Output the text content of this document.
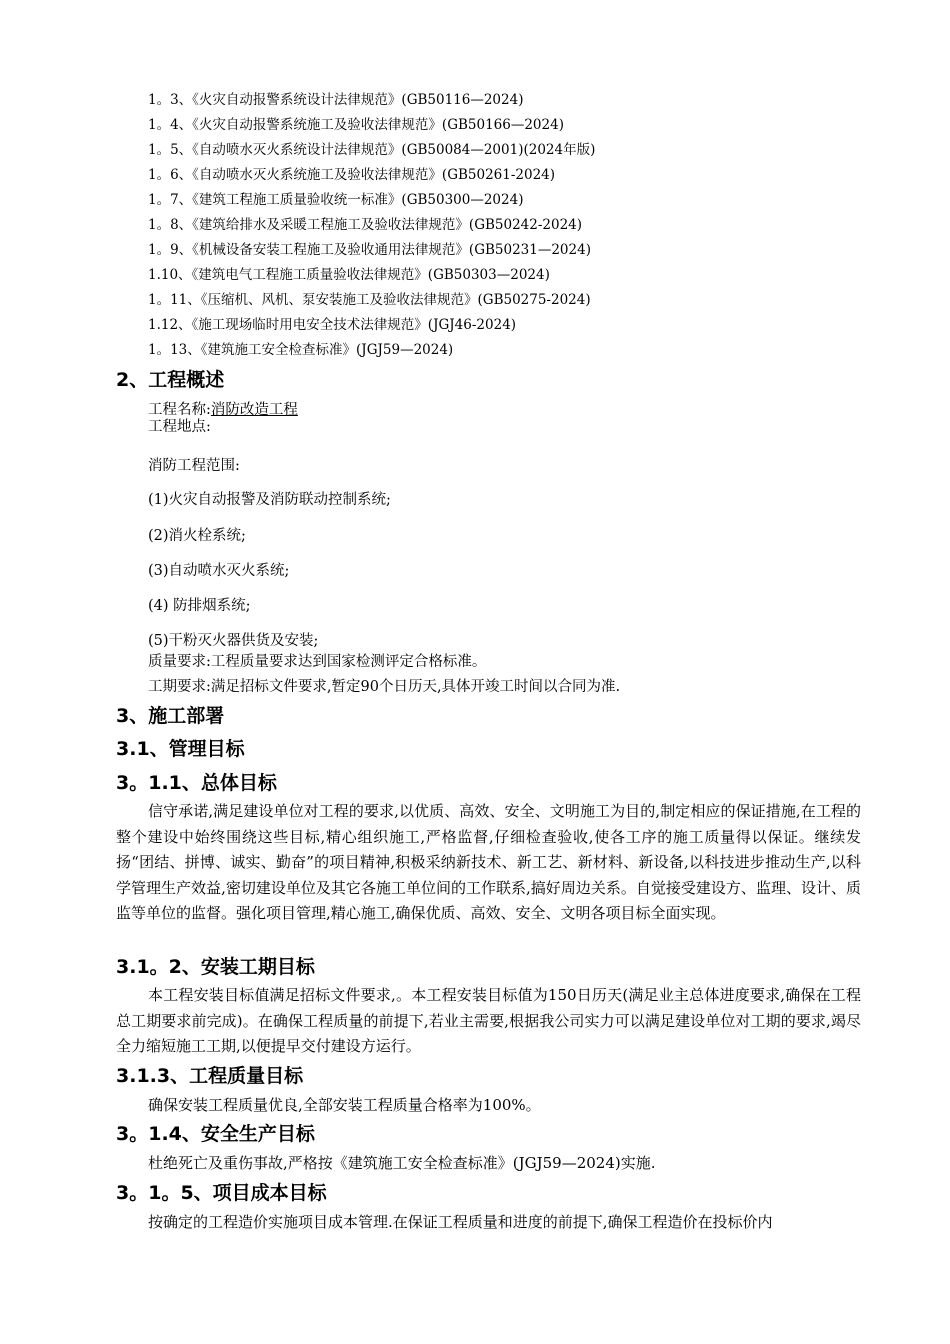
1。3、《火灾自动报警系统设计法律规范》(GB50116—2024)
1。4、《火灾自动报警系统施工及验收法律规范》(GB50166—2024)
1。5、《自动喷水灭火系统设计法律规范》(GB50084—2001)(2024年版)
1。6、《自动喷水灭火系统施工及验收法律规范》(GB50261-2024)
1。7、《建筑工程施工质量验收统一标准》(GB50300—2024)
1。8、《建筑给排水及采暖工程施工及验收法律规范》(GB50242-2024)
1。9、《机械设备安装工程施工及验收通用法律规范》(GB50231—2024)
1.10、《建筑电气工程施工质量验收法律规范》(GB50303—2024)
1。11、《压缩机、风机、泵安装施工及验收法律规范》(GB50275-2024)
1.12、《施工现场临时用电安全技术法律规范》(JGJ46-2024)
1。13、《建筑施工安全检查标准》(JGJ59—2024)
2、工程概述
工程名称:消防改造工程
工程地点:
消防工程范围:
(1)火灾自动报警及消防联动控制系统;
(2)消火栓系统;
(3)自动喷水灭火系统;
(4) 防排烟系统;
(5)干粉灭火器供货及安装;
质量要求:工程质量要求达到国家检测评定合格标准。
工期要求:满足招标文件要求,暂定90个日历天,具体开竣工时间以合同为准.
3、施工部署
3.1、管理目标
3。1.1、总体目标
信守承诺,满足建设单位对工程的要求,以优质、高效、安全、文明施工为目的,制定相应的保证措施,在工程的整个建设中始终围绕这些目标,精心组织施工,严格监督,仔细检查验收,使各工序的施工质量得以保证。继续发扬“团结、拼博、诚实、勤奋”的项目精神,积极采纳新技术、新工艺、新材料、新设备,以科技进步推动生产,以科学管理生产效益,密切建设单位及其它各施工单位间的工作联系,搞好周边关系。自觉接受建设方、监理、设计、质监等单位的监督。强化项目管理,精心施工,确保优质、高效、安全、文明各项目标全面实现。
3.1。2、安装工期目标
本工程安装目标值满足招标文件要求,。本工程安装目标值为150日历天(满足业主总体进度要求,确保在工程总工期要求前完成)。在确保工程质量的前提下,若业主需要,根据我公司实力可以满足建设单位对工期的要求,竭尽全力缩短施工工期,以便提早交付建设方运行。
3.1.3、工程质量目标
确保安装工程质量优良,全部安装工程质量合格率为100%。
3。1.4、安全生产目标
杜绝死亡及重伤事故,严格按《建筑施工安全检查标准》(JGJ59—2024)实施.
3。1。5、项目成本目标
按确定的工程造价实施项目成本管理.在保证工程质量和进度的前提下,确保工程造价在投标价内
